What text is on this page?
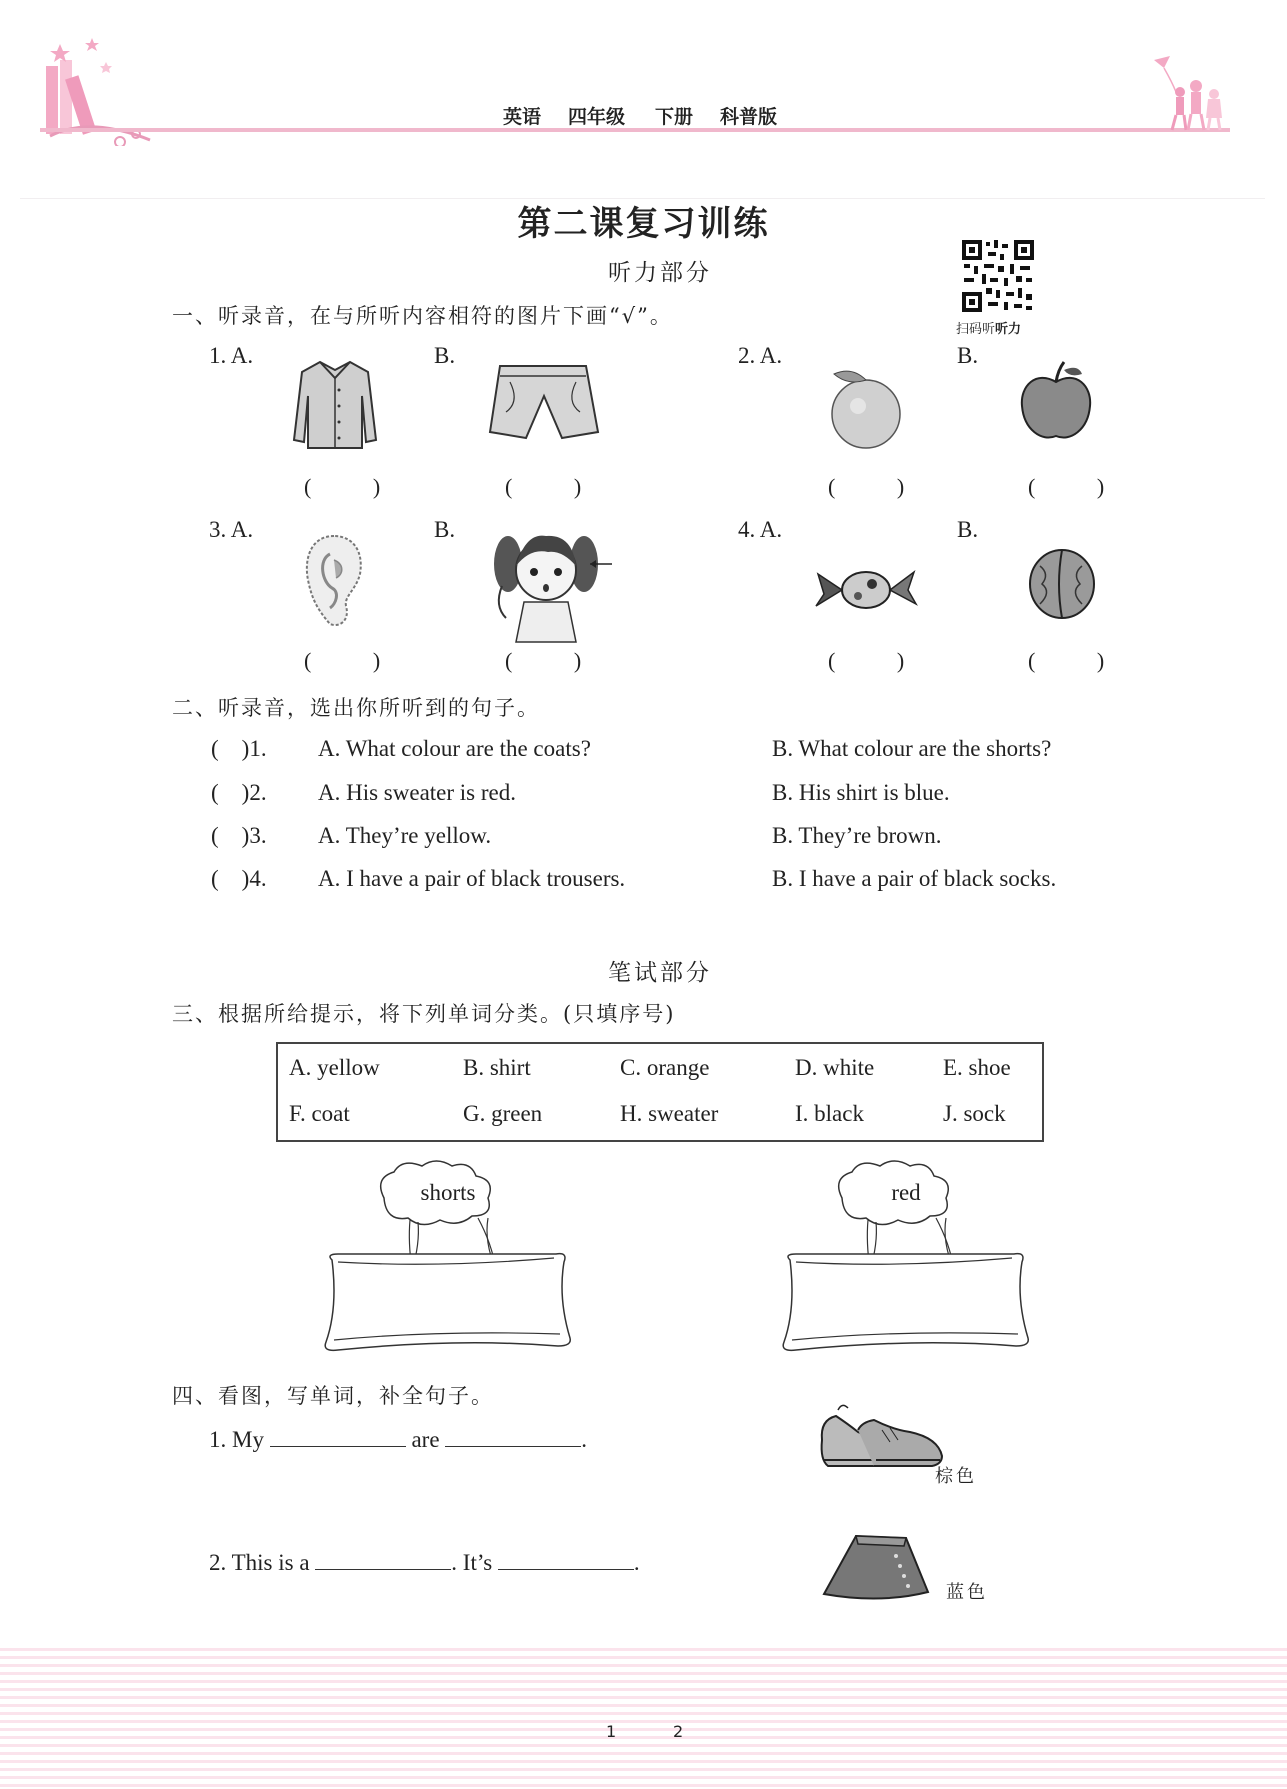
英语 四年级 下册 科普版
第二课复习训练
听力部分
扫码听听力
一、听录音，在与所听内容相符的图片下画“√”。
1. A.	B.	2. A.	B.
( )	( )	( )	( )
3. A.	B.	4. A.	B.
( )	( )	( )	( )
二、听录音，选出你所听到的句子。
(    )1. A. What colour are the coats?	B. What colour are the shorts?
(    )2. A. His sweater is red.	B. His shirt is blue.
(    )3. A. They’re yellow.	B. They’re brown.
(    )4. A. I have a pair of black trousers.	B. I have a pair of black socks.
笔试部分
三、根据所给提示，将下列单词分类。(只填序号)
A. yellow	B. shirt	C. orange	D. white	E. shoe
F. coat	G. green	H. sweater	I. black	J. sock
shorts	red
四、看图，写单词，补全句子。
1. My	are	.
2. This is a	. It’s	.
棕色
蓝色
1	2
